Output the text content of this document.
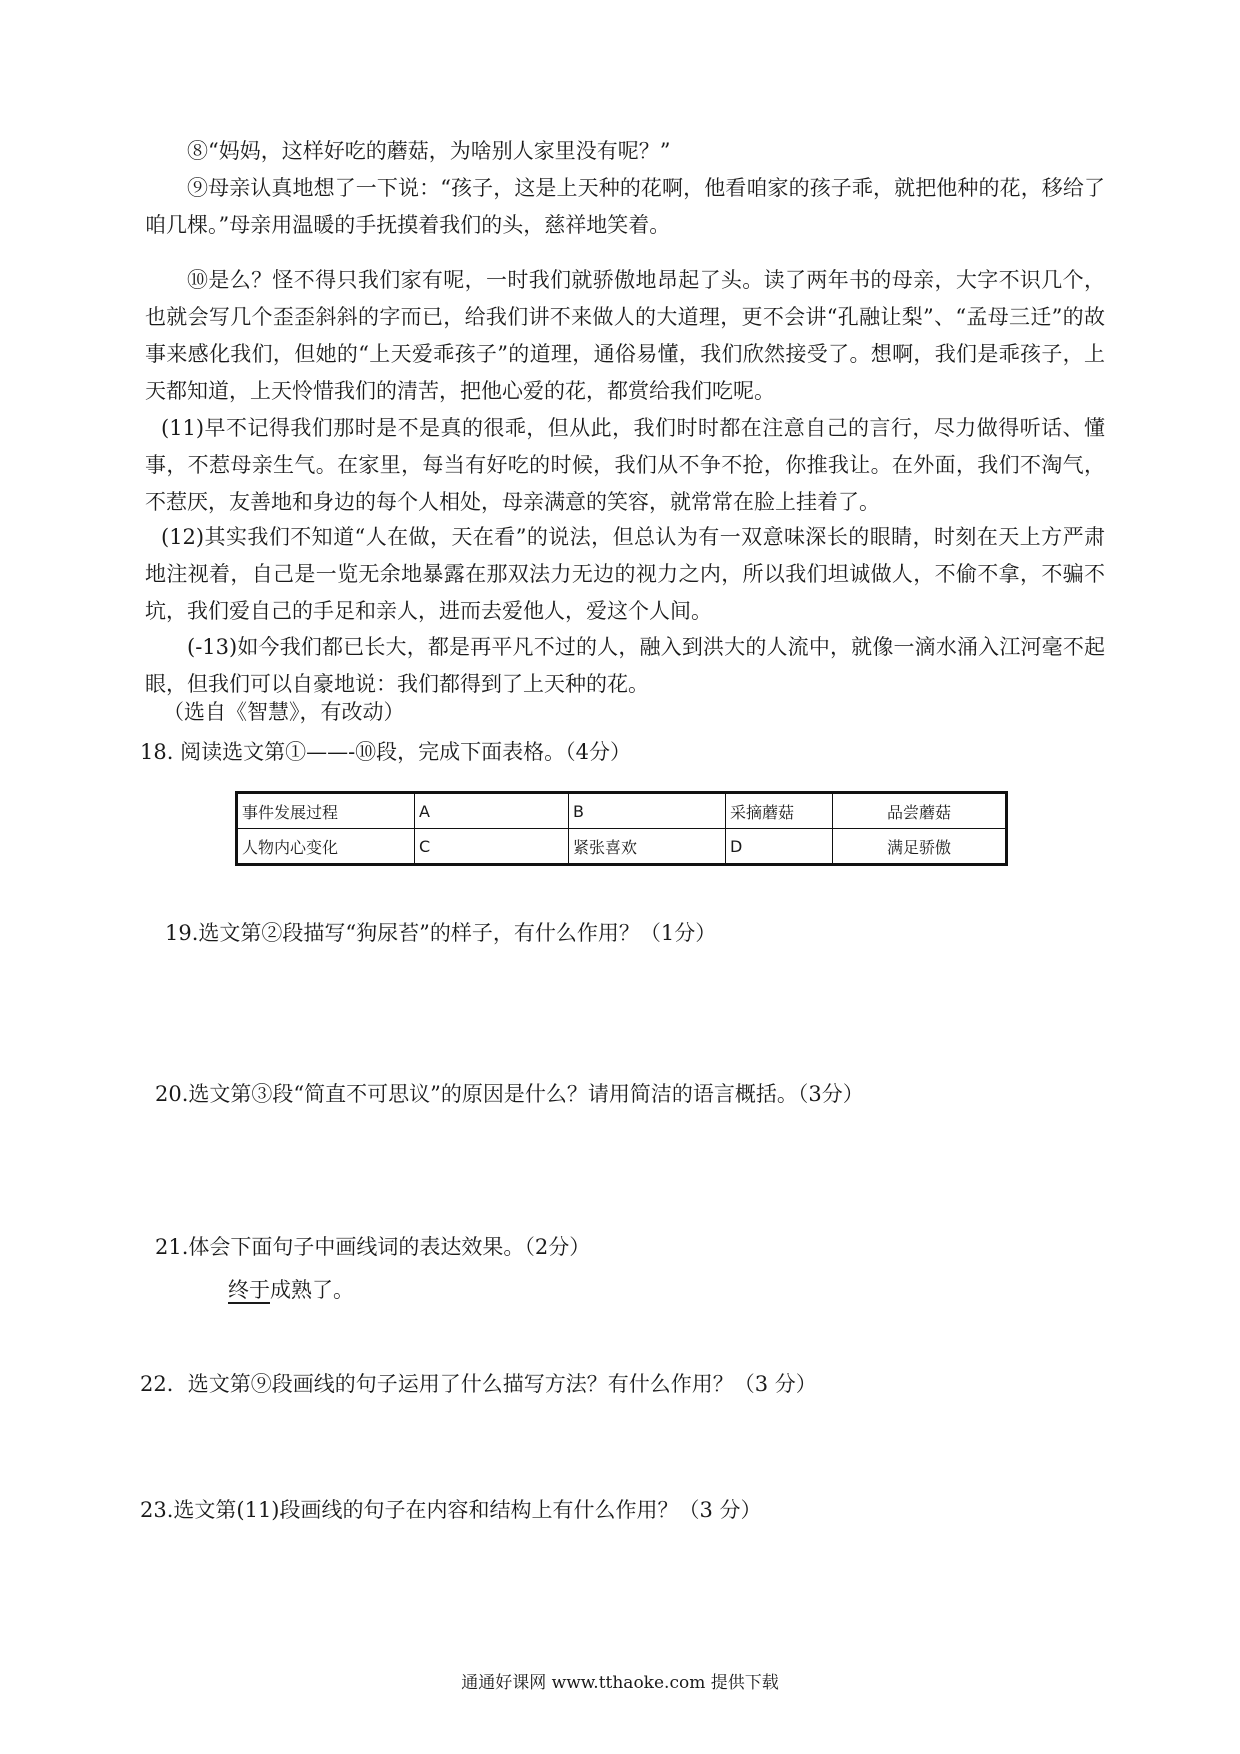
⑧“妈妈，这样好吃的蘑菇，为啥别人家里没有呢？”
⑨母亲认真地想了一下说：“孩子，这是上天种的花啊，他看咱家的孩子乖，就把他种的花，移给了咱几棵。”母亲用温暖的手抚摸着我们的头，慈祥地笑着。
⑩是么？怪不得只我们家有呢，一时我们就骄傲地昂起了头。读了两年书的母亲，大字不识几个，也就会写几个歪歪斜斜的字而已，给我们讲不来做人的大道理，更不会讲“孔融让梨”、“孟母三迁”的故事来感化我们，但她的“上天爱乖孩子”的道理，通俗易懂，我们欣然接受了。想啊，我们是乖孩子，上天都知道，上天怜惜我们的清苦，把他心爱的花，都赏给我们吃呢。
(11)早不记得我们那时是不是真的很乖，但从此，我们时时都在注意自己的言行，尽力做得听话、懂事，不惹母亲生气。在家里，每当有好吃的时候，我们从不争不抢，你推我让。在外面，我们不淘气，不惹厌，友善地和身边的每个人相处，母亲满意的笑容，就常常在脸上挂着了。
(12)其实我们不知道“人在做，天在看”的说法，但总认为有一双意味深长的眼睛，时刻在天上方严肃地注视着，自己是一览无余地暴露在那双法力无边的视力之内，所以我们坦诚做人，不偷不拿，不骗不坑，我们爱自己的手足和亲人，进而去爱他人，爱这个人间。
(-13)如今我们都已长大，都是再平凡不过的人，融入到洪大的人流中，就像一滴水涌入江河毫不起眼，但我们可以自豪地说：我们都得到了上天种的花。
（选自《智慧》，有改动）
18. 阅读选文第①——-⑩段，完成下面表格。（4分）
事件发展过程	A	B	采摘蘑菇	品尝蘑菇
人物内心变化	C	紧张喜欢	D	满足骄傲
19.选文第②段描写“狗尿苔”的样子，有什么作用？（1分）
20.选文第③段“简直不可思议”的原因是什么？请用简洁的语言概括。（3分）
21.体会下面句子中画线词的表达效果。（2分）
终于成熟了。
22．选文第⑨段画线的句子运用了什么描写方法？有什么作用？（3 分）
23.选文第(11)段画线的句子在内容和结构上有什么作用？（3 分）
通通好课网 www.tthaoke.com 提供下载
